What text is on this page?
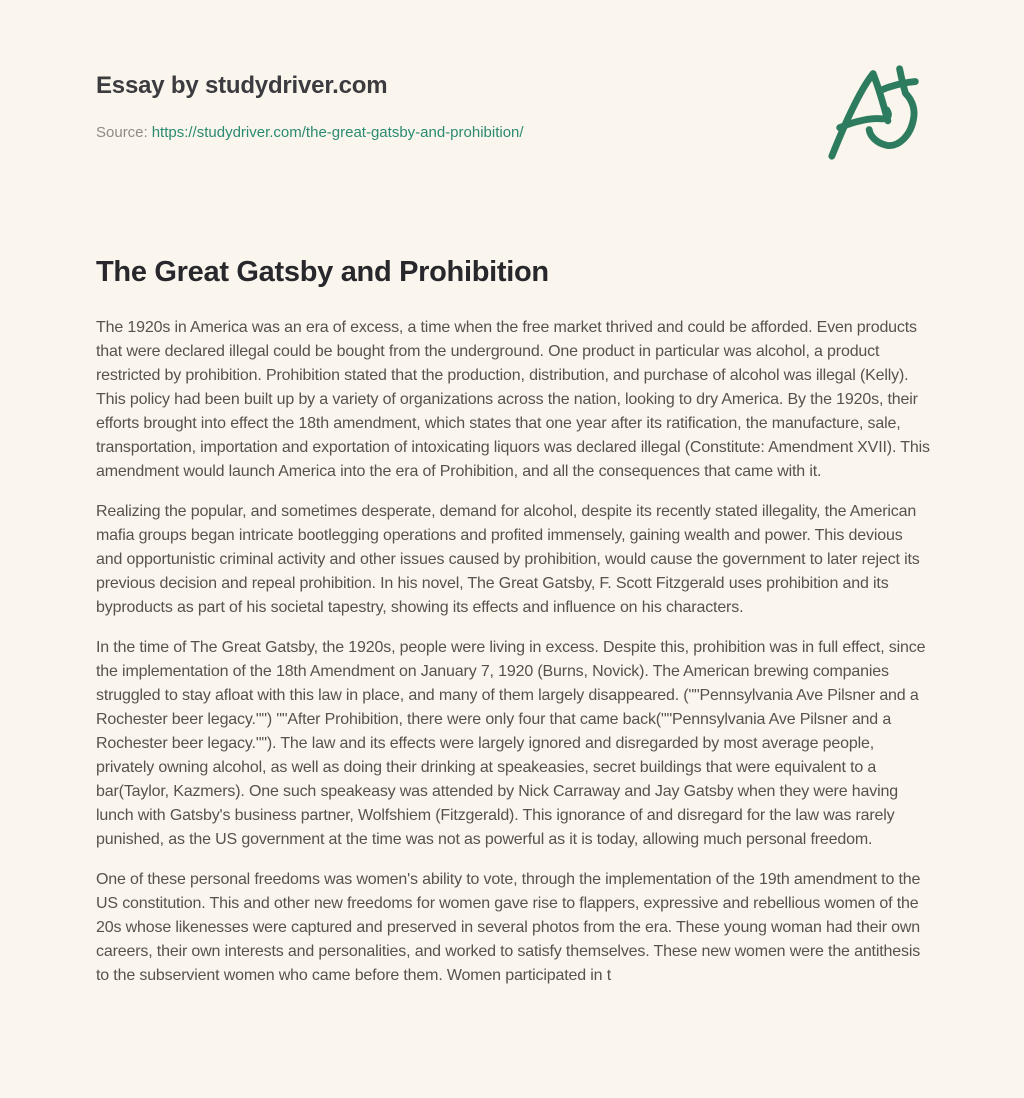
Essay by studydriver.com

Source: https://studydriver.com/the-great-gatsby-and-prohibition/

The Great Gatsby and Prohibition

The 1920s in America was an era of excess, a time when the free market thrived and could be afforded. Even products that were declared illegal could be bought from the underground. One product in particular was alcohol, a product restricted by prohibition. Prohibition stated that the production, distribution, and purchase of alcohol was illegal (Kelly). This policy had been built up by a variety of organizations across the nation, looking to dry America. By the 1920s, their efforts brought into effect the 18th amendment, which states that one year after its ratification, the manufacture, sale, transportation, importation and exportation of intoxicating liquors was declared illegal (Constitute: Amendment XVII). This amendment would launch America into the era of Prohibition, and all the consequences that came with it.

Realizing the popular, and sometimes desperate, demand for alcohol, despite its recently stated illegality, the American mafia groups began intricate bootlegging operations and profited immensely, gaining wealth and power. This devious and opportunistic criminal activity and other issues caused by prohibition, would cause the government to later reject its previous decision and repeal prohibition. In his novel, The Great Gatsby, F. Scott Fitzgerald uses prohibition and its byproducts as part of his societal tapestry, showing its effects and influence on his characters.

In the time of The Great Gatsby, the 1920s, people were living in excess. Despite this, prohibition was in full effect, since the implementation of the 18th Amendment on January 7, 1920 (Burns, Novick). The American brewing companies struggled to stay afloat with this law in place, and many of them largely disappeared. (""Pennsylvania Ave Pilsner and a Rochester beer legacy."") ""After Prohibition, there were only four that came back(""Pennsylvania Ave Pilsner and a Rochester beer legacy.""). The law and its effects were largely ignored and disregarded by most average people, privately owning alcohol, as well as doing their drinking at speakeasies, secret buildings that were equivalent to a bar(Taylor, Kazmers). One such speakeasy was attended by Nick Carraway and Jay Gatsby when they were having lunch with Gatsby's business partner, Wolfshiem (Fitzgerald). This ignorance of and disregard for the law was rarely punished, as the US government at the time was not as powerful as it is today, allowing much personal freedom.

One of these personal freedoms was women's ability to vote, through the implementation of the 19th amendment to the US constitution. This and other new freedoms for women gave rise to flappers, expressive and rebellious women of the 20s whose likenesses were captured and preserved in several photos from the era. These young woman had their own careers, their own interests and personalities, and worked to satisfy themselves. These new women were the antithesis to the subservient women who came before them. Women participated in t
